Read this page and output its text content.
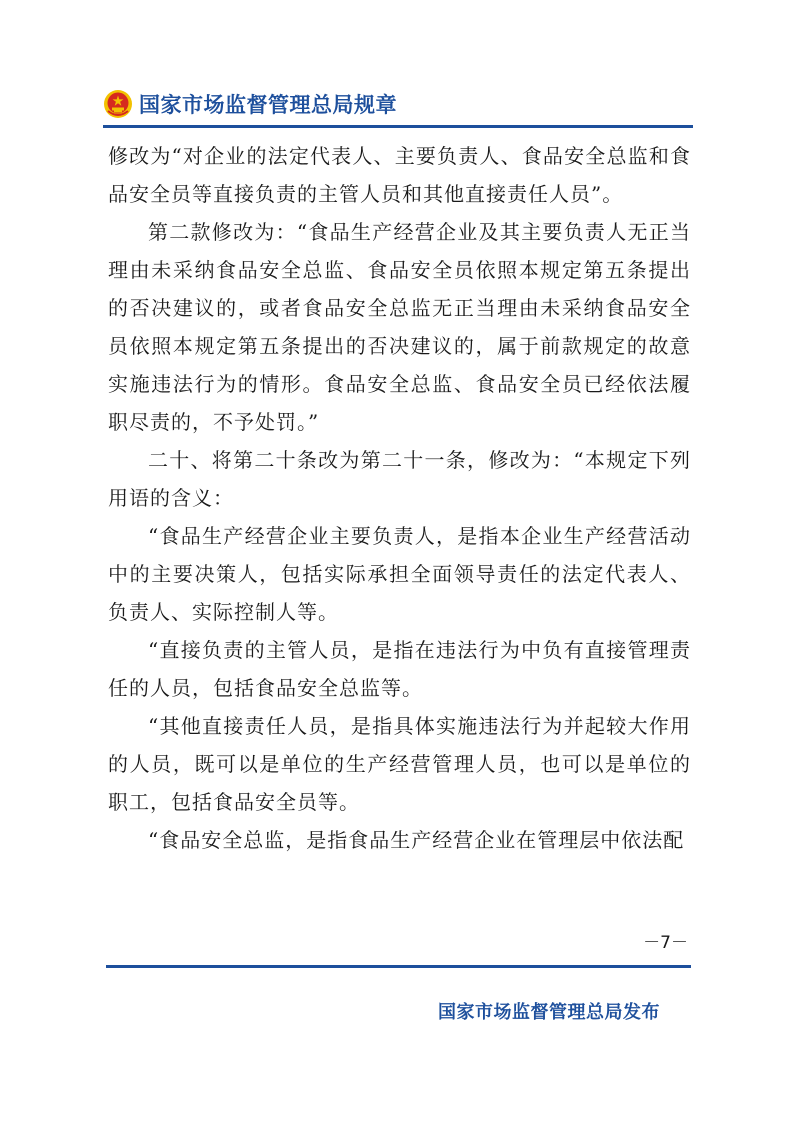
国家市场监督管理总局规章

修改为“对企业的法定代表人、主要负责人、食品安全总监和食品安全员等直接负责的主管人员和其他直接责任人员”。

第二款修改为：“食品生产经营企业及其主要负责人无正当理由未采纳食品安全总监、食品安全员依照本规定第五条提出的否决建议的，或者食品安全总监无正当理由未采纳食品安全员依照本规定第五条提出的否决建议的，属于前款规定的故意实施违法行为的情形。食品安全总监、食品安全员已经依法履职尽责的，不予处罚。”

二十、将第二十条改为第二十一条，修改为：“本规定下列用语的含义：

“食品生产经营企业主要负责人，是指本企业生产经营活动中的主要决策人，包括实际承担全面领导责任的法定代表人、负责人、实际控制人等。

“直接负责的主管人员，是指在违法行为中负有直接管理责任的人员，包括食品安全总监等。

“其他直接责任人员，是指具体实施违法行为并起较大作用的人员，既可以是单位的生产经营管理人员，也可以是单位的职工，包括食品安全员等。

“食品安全总监，是指食品生产经营企业在管理层中依法配

－7－
国家市场监督管理总局发布
